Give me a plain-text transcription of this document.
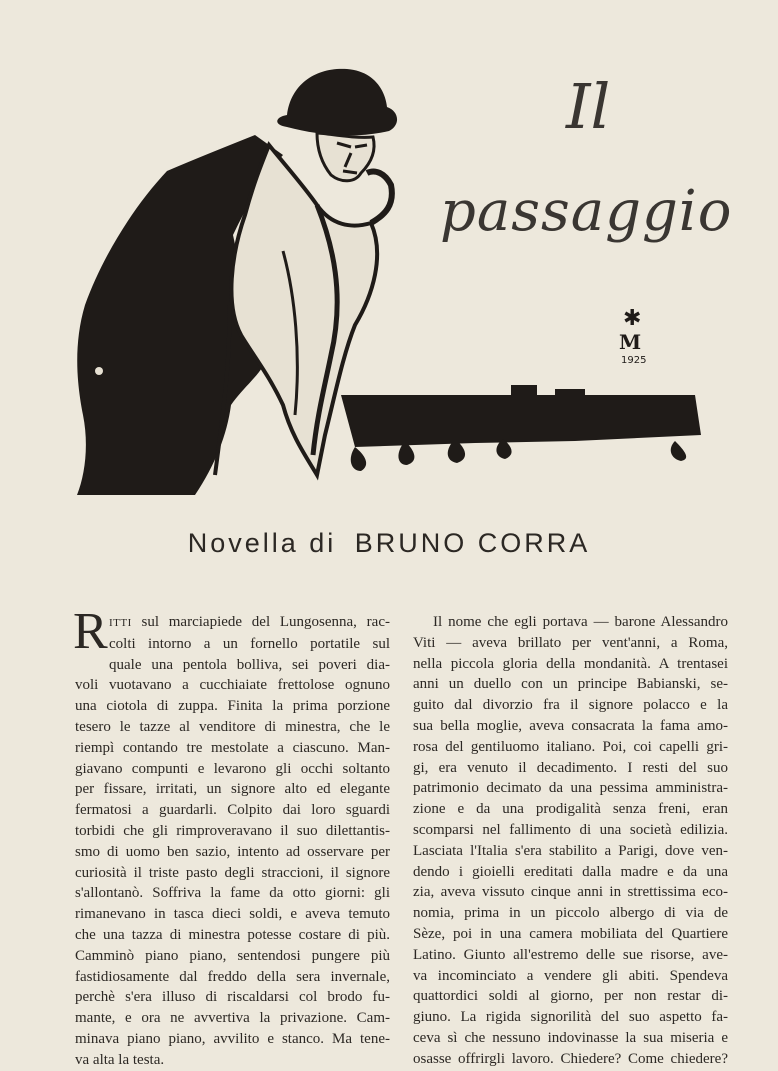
✱
M
1925
Il
passaggio
Novella di BRUNO CORRA
R ITTI sul marciapiede del Lungosenna, rac-
colti intorno a un fornello portatile sul
quale una pentola bolliva, sei poveri dia-
voli vuotavano a cucchiaiate frettolose ognuno
una ciotola di zuppa. Finita la prima porzione
tesero le tazze al venditore di minestra, che le
riempì contando tre mestolate a ciascuno. Man-
giavano compunti e levarono gli occhi soltanto
per fissare, irritati, un signore alto ed elegante
fermatosi a guardarli. Colpito dai loro sguardi
torbidi che gli rimproveravano il suo dilettantis-
smo di uomo ben sazio, intento ad osservare per
curiosità il triste pasto degli straccioni, il signore
s'allontanò. Soffriva la fame da otto giorni: gli
rimanevano in tasca dieci soldi, e aveva temuto
che una tazza di minestra potesse costare di più.
Camminò piano piano, sentendosi pungere più
fastidiosamente dal freddo della sera invernale,
perchè s'era illuso di riscaldarsi col brodo fu-
mante, e ora ne avvertiva la privazione. Cam-
minava piano piano, avvilito e stanco. Ma tene-
va alta la testa.
Il nome che egli portava — barone Alessandro
Viti — aveva brillato per vent'anni, a Roma,
nella piccola gloria della mondanità. A trentasei
anni un duello con un principe Babianski, se-
guito dal divorzio fra il signore polacco e la
sua bella moglie, aveva consacrata la fama amo-
rosa del gentiluomo italiano. Poi, coi capelli gri-
gi, era venuto il decadimento. I resti del suo
patrimonio decimato da una pessima amministra-
zione e da una prodigalità senza freni, eran
scomparsi nel fallimento di una società edilizia.
Lasciata l'Italia s'era stabilito a Parigi, dove ven-
dendo i gioielli ereditati dalla madre e da una
zia, aveva vissuto cinque anni in strettissima eco-
nomia, prima in un piccolo albergo di via de
Sèze, poi in una camera mobiliata del Quartiere
Latino. Giunto all'estremo delle sue risorse, ave-
va incominciato a vendere gli abiti. Spendeva
quattordici soldi al giorno, per non restar di-
giuno. La rigida signorilità del suo aspetto fa-
ceva sì che nessuno indovinasse la sua miseria e
osasse offrirgli lavoro. Chiedere? Come chiedere?
